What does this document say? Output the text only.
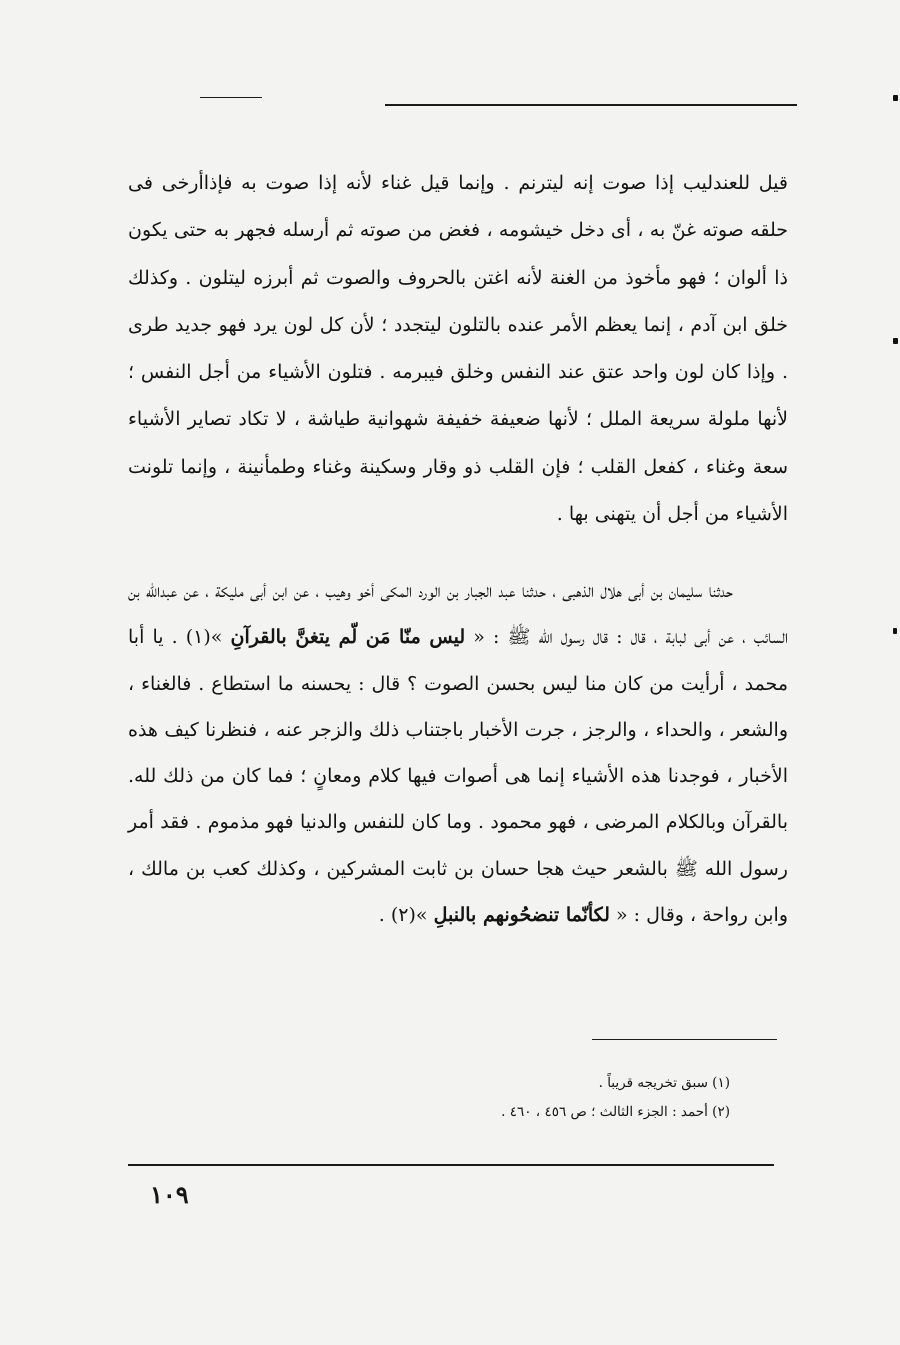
قيل للعندليب إذا صوت إنه ليترنم . وإنما قيل غناء لأنه إذا صوت به فإذاأرخى فى حلقه صوته غنّ به ، أى دخل خيشومه ، فغض من صوته ثم أرسله فجهر به حتى يكون ذا ألوان ؛ فهو مأخوذ من الغنة لأنه اغتن بالحروف والصوت ثم أبرزه ليتلون . وكذلك خلق ابن آدم ، إنما يعظم الأمر عنده بالتلون ليتجدد ؛ لأن كل لون يرد فهو جديد طرى . وإذا كان لون واحد عتق عند النفس وخلق فيبرمه . فتلون الأشياء من أجل النفس ؛ لأنها ملولة سريعة الملل ؛ لأنها ضعيفة خفيفة شهوانية طياشة ، لا تكاد تصاير الأشياء سعة وغناء ، كفعل القلب ؛ فإن القلب ذو وقار وسكينة وغناء وطمأنينة ، وإنما تلونت الأشياء من أجل أن يتهنى بها .

حدثنا سليمان بن أبى هلال الذهبى ، حدثنا عبد الجبار بن الورد المكى أخو وهيب ، عن ابن أبى مليكة ، عن عبدالله بن السائب ، عن أبى لبابة ، قال : قال رسول الله ﷺ : « ليس منّا مَن لّم يتغنَّ بالقرآنِ »(١) . يا أبا محمد ، أرأيت من كان منا ليس بحسن الصوت ؟ قال : يحسنه ما استطاع . فالغناء ، والشعر ، والحداء ، والرجز ، جرت الأخبار باجتناب ذلك والزجر عنه ، فنظرنا كيف هذه الأخبار ، فوجدنا هذه الأشياء إنما هى أصوات فيها كلام ومعانٍ ؛ فما كان من ذلك لله. بالقرآن وبالكلام المرضى ، فهو محمود . وما كان للنفس والدنيا فهو مذموم . فقد أمر رسول الله ﷺ بالشعر حيث هجا حسان بن ثابت المشركين ، وكذلك كعب بن مالك ، وابن رواحة ، وقال : « لكأنّما تنضحُونهم بالنبلِ »(٢) .

(١) سبق تخريجه قريباً .
(٢) أحمد : الجزء الثالث ؛ ص ٤٥٦ ، ٤٦٠ .
١٠٩
